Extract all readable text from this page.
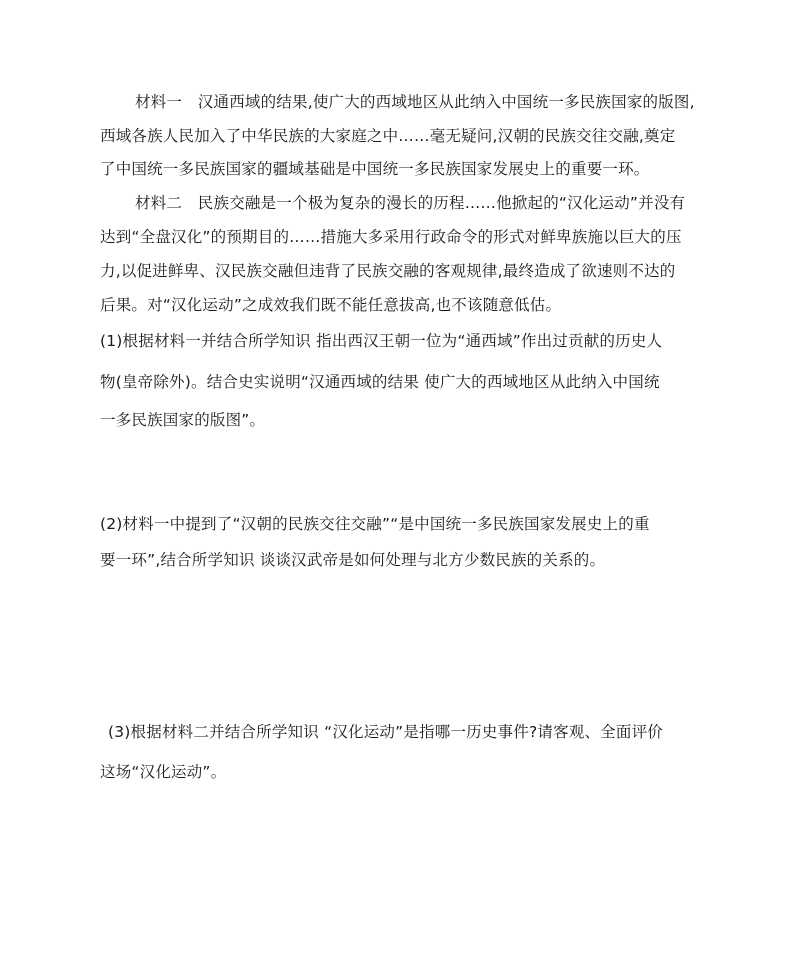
材料一　汉通西域的结果,使广大的西域地区从此纳入中国统一多民族国家的版图,
西域各族人民加入了中华民族的大家庭之中……毫无疑问,汉朝的民族交往交融,奠定
了中国统一多民族国家的疆域基础是中国统一多民族国家发展史上的重要一环。
材料二　民族交融是一个极为复杂的漫长的历程……他掀起的“汉化运动”并没有
达到“全盘汉化”的预期目的……措施大多采用行政命令的形式对鲜卑族施以巨大的压
力,以促进鲜卑、汉民族交融但违背了民族交融的客观规律,最终造成了欲速则不达的
后果。对“汉化运动”之成效我们既不能任意拔高,也不该随意低估。
(1)根据材料一并结合所学知识 指出西汉王朝一位为“通西域”作出过贡献的历史人
物(皇帝除外)。结合史实说明“汉通西域的结果 使广大的西域地区从此纳入中国统
一多民族国家的版图”。
(2)材料一中提到了“汉朝的民族交往交融”“是中国统一多民族国家发展史上的重
要一环”,结合所学知识 谈谈汉武帝是如何处理与北方少数民族的关系的。
(3)根据材料二并结合所学知识 “汉化运动”是指哪一历史事件?请客观、全面评价
这场“汉化运动”。
